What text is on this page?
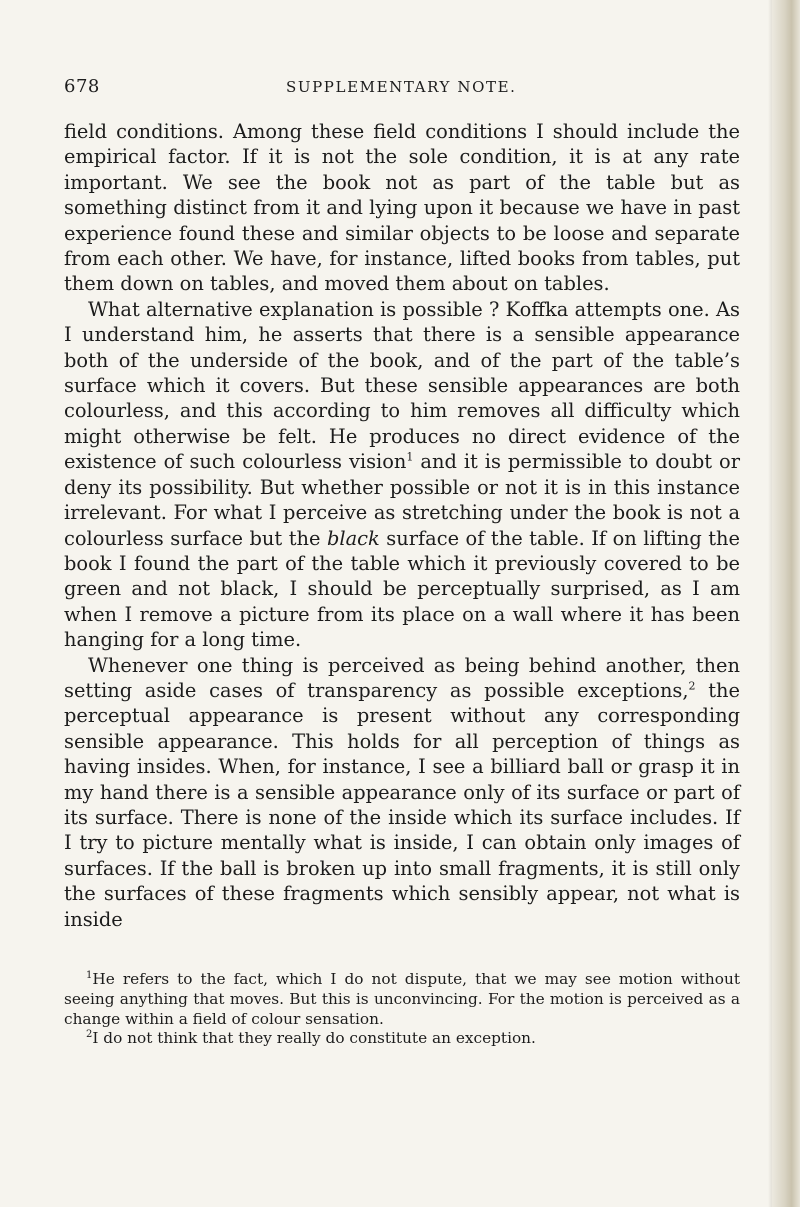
678	SUPPLEMENTARY NOTE.

field conditions. Among these field conditions I should include the empirical factor. If it is not the sole condition, it is at any rate important. We see the book not as part of the table but as something distinct from it and lying upon it because we have in past experience found these and similar objects to be loose and separate from each other. We have, for instance, lifted books from tables, put them down on tables, and moved them about on tables.

What alternative explanation is possible ? Koffka attempts one. As I understand him, he asserts that there is a sensible appearance both of the underside of the book, and of the part of the table’s surface which it covers. But these sensible appearances are both colourless, and this according to him removes all difficulty which might otherwise be felt. He produces no direct evidence of the existence of such colourless vision$^1$ and it is permissible to doubt or deny its possibility. But whether possible or not it is in this instance irrelevant. For what I perceive as stretching under the book is not a colourless surface but the black surface of the table. If on lifting the book I found the part of the table which it previously covered to be green and not black, I should be perceptually surprised, as I am when I remove a picture from its place on a wall where it has been hanging for a long time.

Whenever one thing is perceived as being behind another, then setting aside cases of transparency as possible exceptions,$^2$ the perceptual appearance is present without any corresponding sensible appearance. This holds for all perception of things as having insides. When, for instance, I see a billiard ball or grasp it in my hand there is a sensible appearance only of its surface or part of its surface. There is none of the inside which its surface includes. If I try to picture mentally what is inside, I can obtain only images of surfaces. If the ball is broken up into small fragments, it is still only the surfaces of these fragments which sensibly appear, not what is inside

$^1$He refers to the fact, which I do not dispute, that we may see motion without seeing anything that moves. But this is unconvincing. For the motion is perceived as a change within a field of colour sensation.

$^2$I do not think that they really do constitute an exception.
